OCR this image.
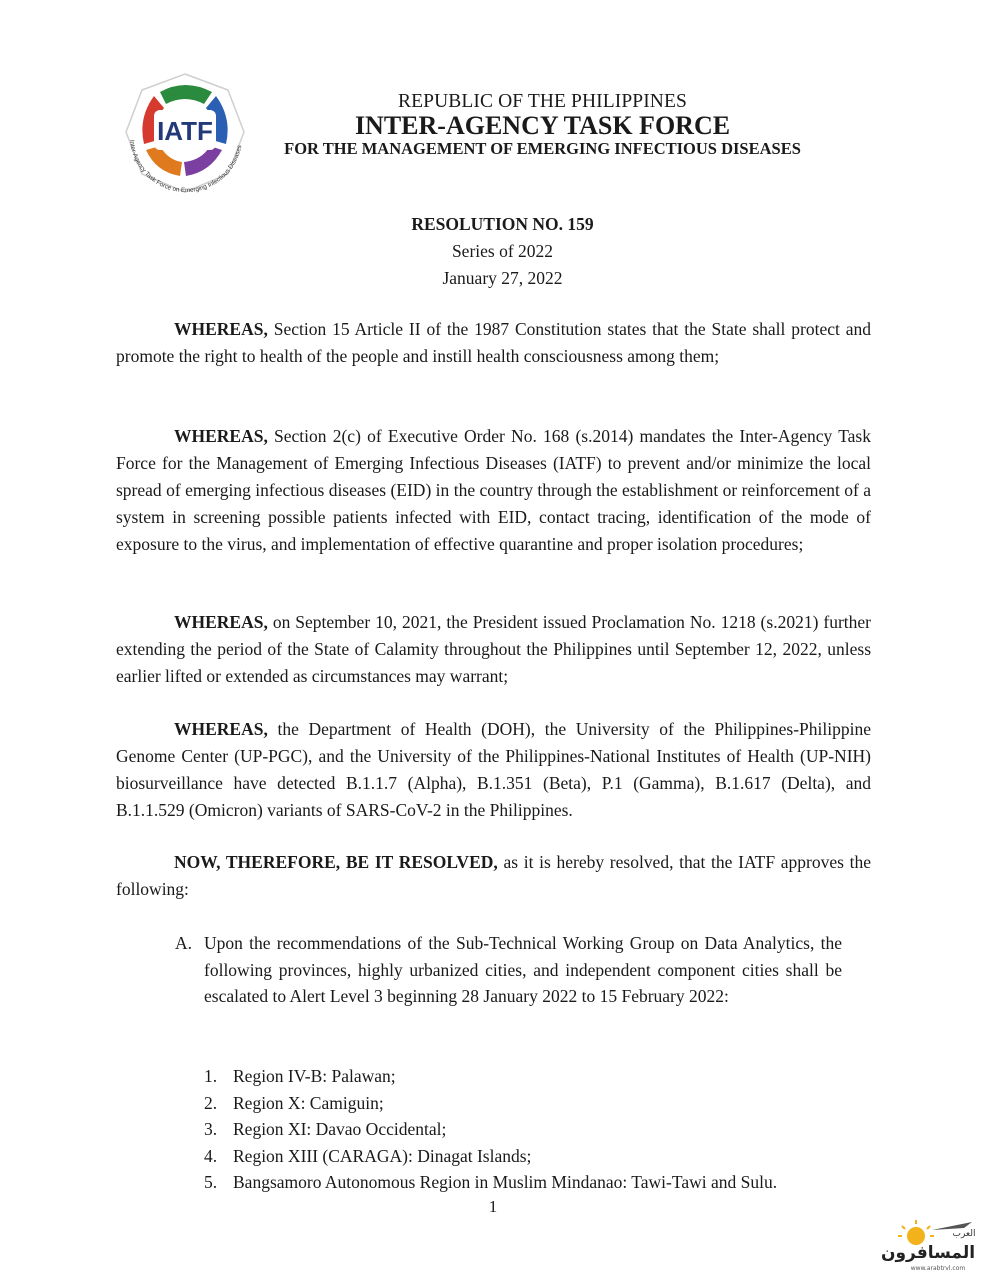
IATF
Inter-Agency Task Force on Emerging Infectious Diseases
REPUBLIC OF THE PHILIPPINES
INTER-AGENCY TASK FORCE
FOR THE MANAGEMENT OF EMERGING INFECTIOUS DISEASES
RESOLUTION NO. 159
Series of 2022
January 27, 2022
WHEREAS, Section 15 Article II of the 1987 Constitution states that the State shall protect and promote the right to health of the people and instill health consciousness among them;
WHEREAS, Section 2(c) of Executive Order No. 168 (s.2014) mandates the Inter-Agency Task Force for the Management of Emerging Infectious Diseases (IATF) to prevent and/or minimize the local spread of emerging infectious diseases (EID) in the country through the establishment or reinforcement of a system in screening possible patients infected with EID, contact tracing, identification of the mode of exposure to the virus, and implementation of effective quarantine and proper isolation procedures;
WHEREAS, on September 10, 2021, the President issued Proclamation No. 1218 (s.2021) further extending the period of the State of Calamity throughout the Philippines until September 12, 2022, unless earlier lifted or extended as circumstances may warrant;
WHEREAS, the Department of Health (DOH), the University of the Philippines-Philippine Genome Center (UP-PGC), and the University of the Philippines-National Institutes of Health (UP-NIH) biosurveillance have detected B.1.1.7 (Alpha), B.1.351 (Beta), P.1 (Gamma), B.1.617 (Delta), and B.1.1.529 (Omicron) variants of SARS-CoV-2 in the Philippines.
NOW, THEREFORE, BE IT RESOLVED, as it is hereby resolved, that the IATF approves the following:
A. Upon the recommendations of the Sub-Technical Working Group on Data Analytics, the following provinces, highly urbanized cities, and independent component cities shall be escalated to Alert Level 3 beginning 28 January 2022 to 15 February 2022:
1. Region IV-B: Palawan;
2. Region X: Camiguin;
3. Region XI: Davao Occidental;
4. Region XIII (CARAGA): Dinagat Islands;
5. Bangsamoro Autonomous Region in Muslim Mindanao: Tawi-Tawi and Sulu.
1
العرب
المسافرون
www.arabtrvl.com
